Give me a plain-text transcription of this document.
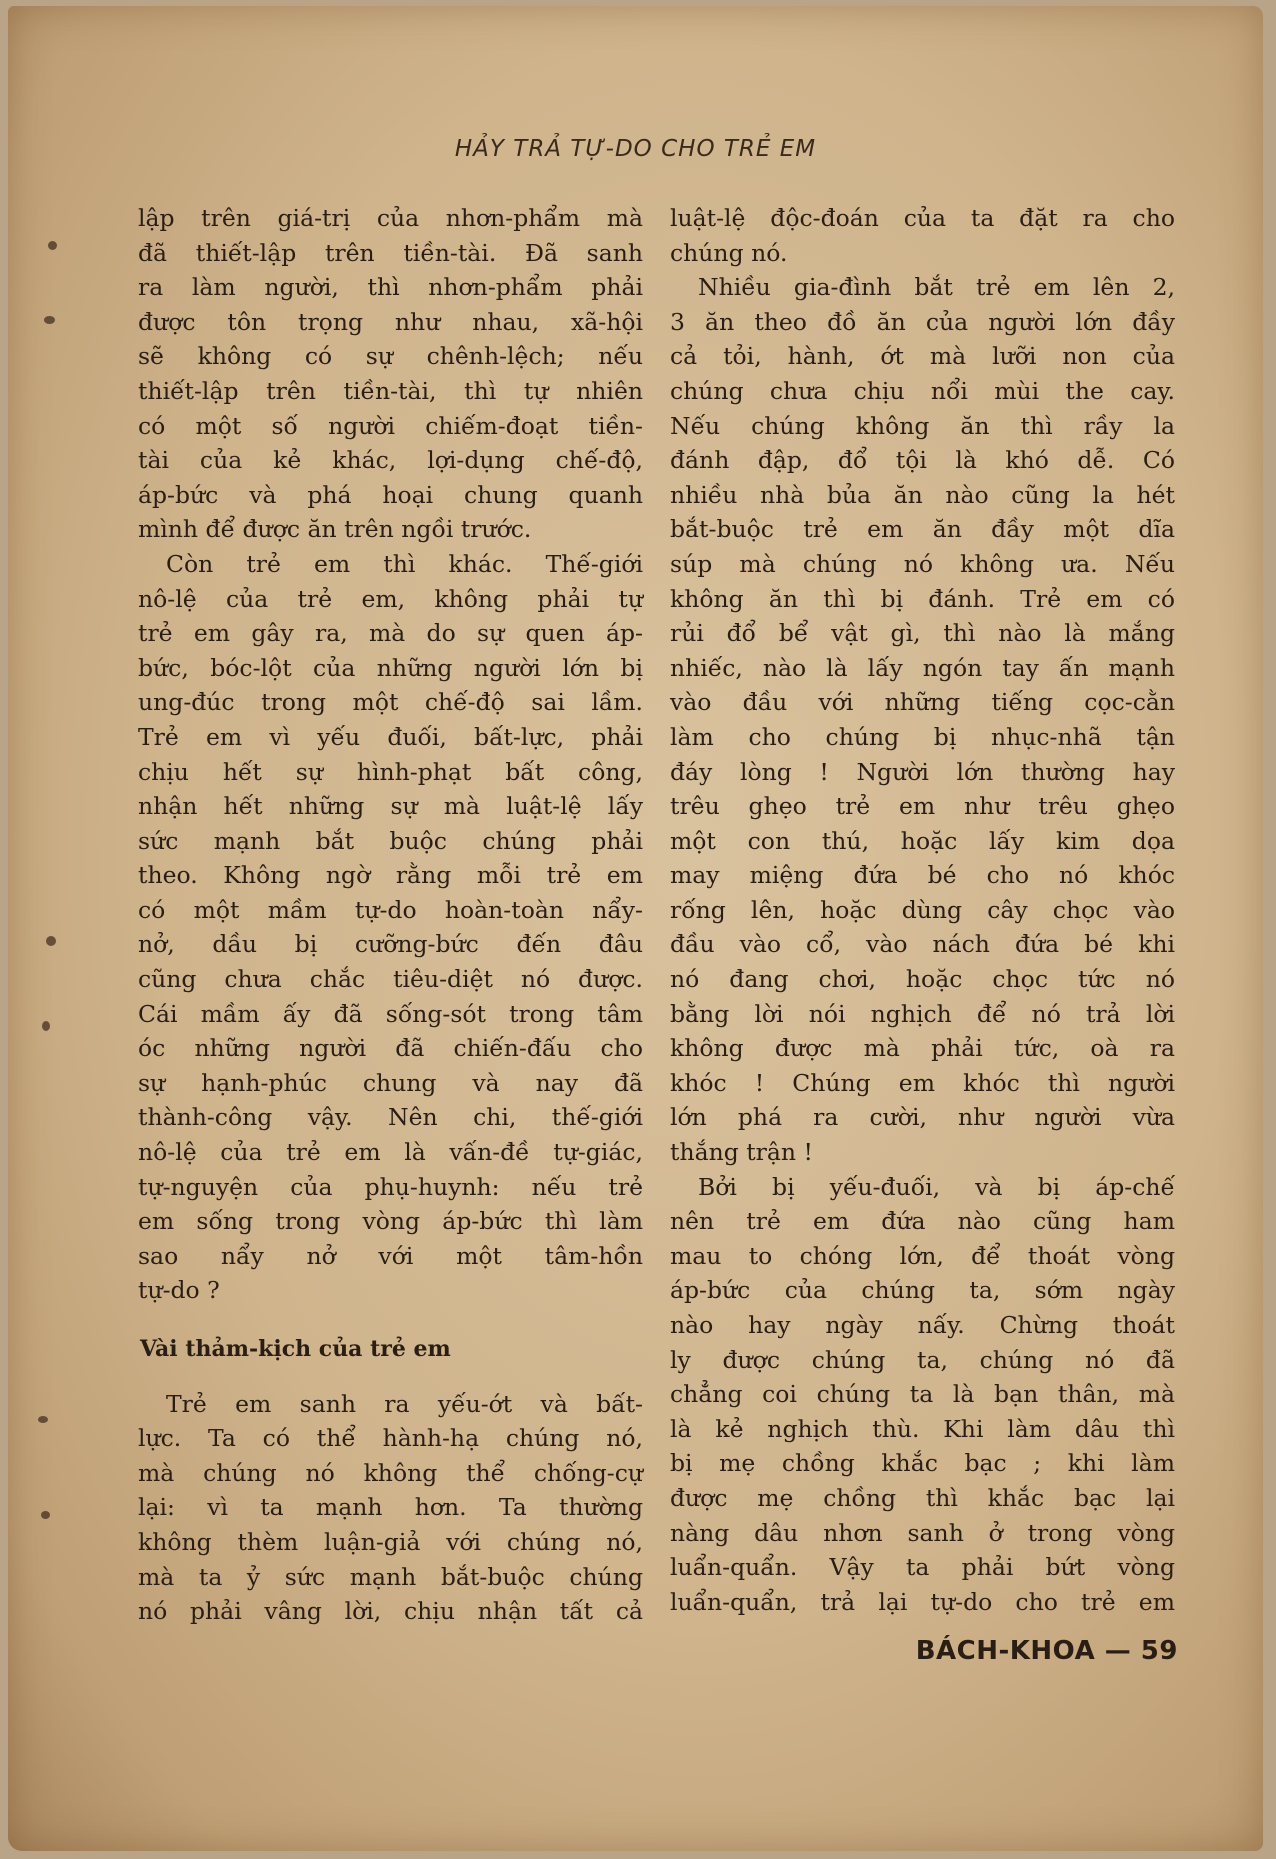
HẢY TRẢ TỰ-DO CHO TRẺ EM
lập trên giá-trị của nhơn-phẩm mà
đã thiết-lập trên tiền-tài. Đã sanh
ra làm người, thì nhơn-phẩm phải
được tôn trọng như nhau, xã-hội
sẽ không có sự chênh-lệch; nếu
thiết-lập trên tiền-tài, thì tự nhiên
có một số người chiếm-đoạt tiền-
tài của kẻ khác, lợi-dụng chế-độ,
áp-bức và phá hoại chung quanh
mình để được ăn trên ngồi trước.
Còn trẻ em thì khác. Thế-giới
nô-lệ của trẻ em, không phải tự
trẻ em gây ra, mà do sự quen áp-
bức, bóc-lột của những người lớn bị
ung-đúc trong một chế-độ sai lầm.
Trẻ em vì yếu đuối, bất-lực, phải
chịu hết sự hình-phạt bất công,
nhận hết những sự mà luật-lệ lấy
sức mạnh bắt buộc chúng phải
theo. Không ngờ rằng mỗi trẻ em
có một mầm tự-do hoàn-toàn nẩy-
nở, dầu bị cưỡng-bức đến đâu
cũng chưa chắc tiêu-diệt nó được.
Cái mầm ấy đã sống-sót trong tâm
óc những người đã chiến-đấu cho
sự hạnh-phúc chung và nay đã
thành-công vậy. Nên chi, thế-giới
nô-lệ của trẻ em là vấn-đề tự-giác,
tự-nguyện của phụ-huynh: nếu trẻ
em sống trong vòng áp-bức thì làm
sao nẩy nở với một tâm-hồn
tự-do ?
Vài thảm-kịch của trẻ em
Trẻ em sanh ra yếu-ớt và bất-
lực. Ta có thể hành-hạ chúng nó,
mà chúng nó không thể chống-cự
lại: vì ta mạnh hơn. Ta thường
không thèm luận-giả với chúng nó,
mà ta ỷ sức mạnh bắt-buộc chúng
nó phải vâng lời, chịu nhận tất cả
luật-lệ độc-đoán của ta đặt ra cho
chúng nó.
Nhiều gia-đình bắt trẻ em lên 2,
3 ăn theo đồ ăn của người lớn đầy
cả tỏi, hành, ớt mà lưỡi non của
chúng chưa chịu nổi mùi the cay.
Nếu chúng không ăn thì rầy la
đánh đập, đổ tội là khó dễ. Có
nhiều nhà bủa ăn nào cũng la hét
bắt-buộc trẻ em ăn đầy một dĩa
súp mà chúng nó không ưa. Nếu
không ăn thì bị đánh. Trẻ em có
rủi đổ bể vật gì, thì nào là mắng
nhiếc, nào là lấy ngón tay ấn mạnh
vào đầu với những tiếng cọc-cằn
làm cho chúng bị nhục-nhã tận
đáy lòng ! Người lớn thường hay
trêu ghẹo trẻ em như trêu ghẹo
một con thú, hoặc lấy kim dọa
may miệng đứa bé cho nó khóc
rống lên, hoặc dùng cây chọc vào
đầu vào cổ, vào nách đứa bé khi
nó đang chơi, hoặc chọc tức nó
bằng lời nói nghịch để nó trả lời
không được mà phải tức, oà ra
khóc ! Chúng em khóc thì người
lớn phá ra cười, như người vừa
thắng trận !
Bởi bị yếu-đuối, và bị áp-chế
nên trẻ em đứa nào cũng ham
mau to chóng lớn, để thoát vòng
áp-bức của chúng ta, sớm ngày
nào hay ngày nấy. Chừng thoát
ly được chúng ta, chúng nó đã
chẳng coi chúng ta là bạn thân, mà
là kẻ nghịch thù. Khi làm dâu thì
bị mẹ chồng khắc bạc ; khi làm
được mẹ chồng thì khắc bạc lại
nàng dâu nhơn sanh ở trong vòng
luẩn-quẩn. Vậy ta phải bứt vòng
luẩn-quẩn, trả lại tự-do cho trẻ em
BÁCH-KHOA — 59
